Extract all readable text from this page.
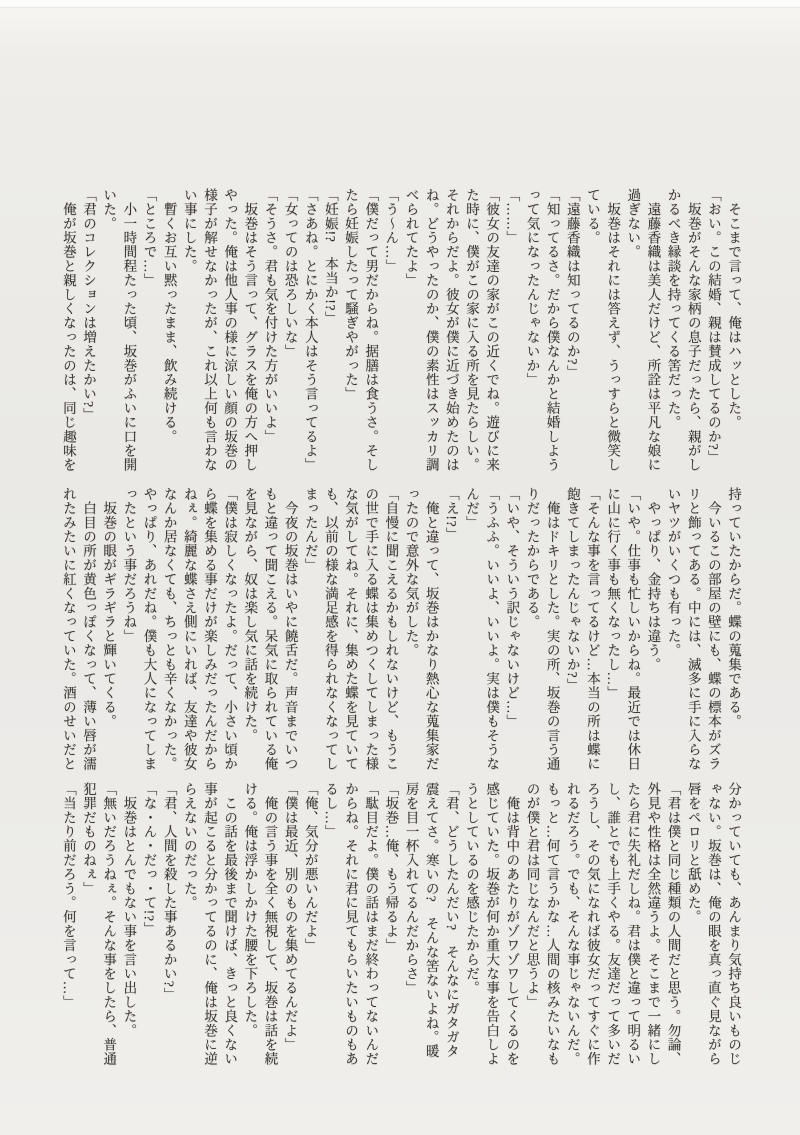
　そこまで言って、俺はハッとした。

「おい。この結婚、親は賛成してるのか?」

　坂巻がそんな家柄の息子だったら、親がし

かるべき縁談を持ってくる筈だった。

　遠藤香織は美人だけど、所詮は平凡な娘に

過ぎない。

　坂巻はそれには答えず、うっすらと微笑し

ている。

「遠藤香織は知ってるのか?」

「知ってるさ。だから僕なんかと結婚しよう

って気になったんじゃないか」

「……」

「彼女の友達の家がこの近くでね。遊びに来

た時に、僕がこの家に入る所を見たらしい。

それからだよ。彼女が僕に近づき始めたのは

ね。どうやったのか、僕の素性はスッカリ調

べられてたよ」

「う〜ん…」

「僕だって男だからね。据膳は食うさ。そし

たら妊娠したって騒ぎやがった」

「妊娠!?　本当か!?」

「さあね。とにかく本人はそう言ってるよ」

「女ってのは恐ろしいな」

「そうさ。君も気を付けた方がいいよ」

　坂巻はそう言って、グラスを俺の方へ押し

やった。俺は他人事の様に涼しい顔の坂巻の

様子が解せなかったが、これ以上何も言わな

い事にした。

　暫くお互い黙ったまま、飲み続ける。

「ところで…」

　小一時間程たった頃、坂巻がふいに口を開

いた。

「君のコレクションは増えたかい?」

　俺が坂巻と親しくなったのは、同じ趣味を

持っていたからだ。蝶の蒐集である。

　今いるこの部屋の壁にも、蝶の標本がズラ

リと飾ってある。中には、滅多に手に入らな

いヤツがいくつも有った。

　やっぱり、金持ちは違う。

「いや。仕事も忙しいからね。最近では休日

に山に行く事も無くなったし…」

「そんな事を言ってるけど…本当の所は蝶に

飽きてしまったんじゃないか?」

　俺はドキリとした。実の所、坂巻の言う通

りだったからである。

「いや、そういう訳じゃないけど…」

「うふふ。いいよ、いいよ。実は僕もそうな

んだ」

「え!?」

　俺と違って、坂巻はかなり熱心な蒐集家だ

ったので意外な気がした。

「自慢に聞こえるかもしれないけど、もうこ

の世で手に入る蝶は集めつくしてしまった様

な気がしてね。それに、集めた蝶を見ていて

も、以前の様な満足感を得られなくなってし

まったんだ」

　今夜の坂巻はいやに饒舌だ。声音までいつ

もと違って聞こえる。呆気に取られている俺

を見ながら、奴は楽し気に話を続けた。

「僕は寂しくなったよ。だって、小さい頃か

ら蝶を集める事だけが楽しみだったんだから

ねぇ。綺麗な蝶さえ側にいれば、友達や彼女

なんか居なくても、ちっとも辛くなかった。

やっぱり、あれだね。僕も大人になってしま

ったという事だろうね」

　坂巻の眼がギラギラと輝いてくる。

　白目の所が黄色っぽくなって、薄い唇が濡

れたみたいに紅くなっていた。酒のせいだと

分かっていても、あんまり気持ち良いものじ

ゃない。坂巻は、俺の眼を真っ直ぐ見ながら

唇をペロリと舐めた。

「君は僕と同じ種類の人間だと思う。勿論、

外見や性格は全然違うよ。そこまで一緒にし

たら君に失礼だしね。君は僕と違って明るい

し、誰とでも上手くやる。友達だって多いだ

ろうし、その気になれば彼女だってすぐに作

れるだろう。でも、そんな事じゃないんだ。

もっと…何て言うかな…人間の核みたいなも

のが僕と君は同じなんだと思うよ」

　俺は背中のあたりがゾワゾワしてくるのを

感じていた。坂巻が何か重大な事を告白しよ

うとしているのを感じたからだ。

「君、どうしたんだい?　そんなにガタガタ

震えてさ。寒いの?　そんな筈ないよね。暖

房を目一杯入れてるんだからさ」

「坂巻…俺、もう帰るよ」

「駄目だよ。僕の話はまだ終わってないんだ

からね。それに君に見てもらいたいものもあ

るし…」

「俺、気分が悪いんだよ」

「僕は最近、別のものを集めてるんだよ」

　俺の言う事を全く無視して、坂巻は話を続

ける。俺は浮かしかけた腰を下ろした。

　この話を最後まで聞けば、きっと良くない

事が起こると分かってるのに、俺は坂巻に逆

らえないのだった。

「君、人間を殺した事あるかい?」

「な・ん・だっ・て!?」

　坂巻はとんでもない事を言い出した。

「無いだろうねぇ。そんな事をしたら、普通

犯罪だものねぇ」

「当たり前だろう。何を言って…」
